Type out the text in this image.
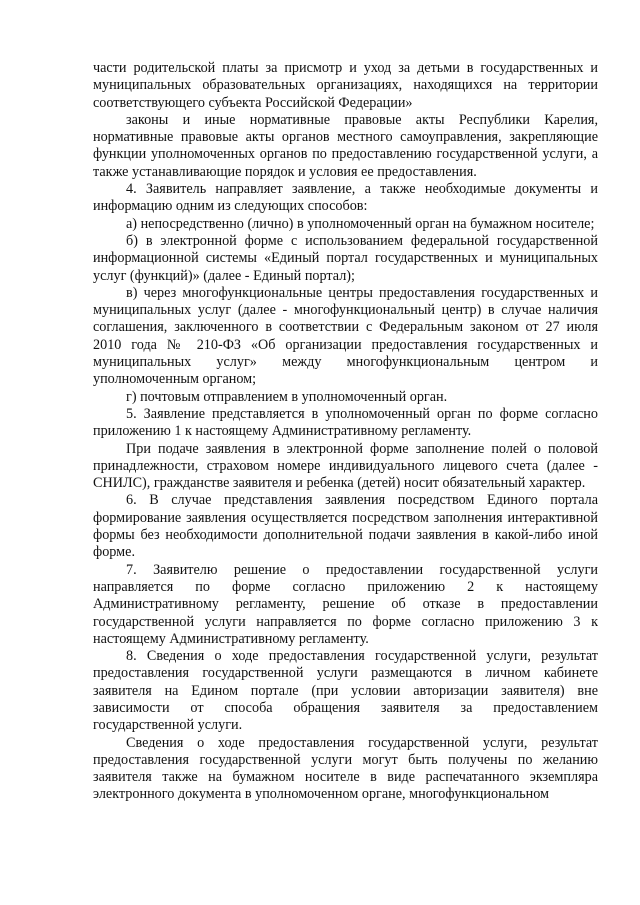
части родительской платы за присмотр и уход за детьми в государственных и муниципальных образовательных организациях, находящихся на территории соответствующего субъекта Российской Федерации»

законы и иные нормативные правовые акты Республики Карелия, нормативные правовые акты органов местного самоуправления, закрепляющие функции уполномоченных органов по предоставлению государственной услуги, а также устанавливающие порядок и условия ее предоставления.

4. Заявитель направляет заявление, а также необходимые документы и информацию одним из следующих способов:

а) непосредственно (лично) в уполномоченный орган на бумажном носителе;

б) в электронной форме с использованием федеральной государственной информационной системы «Единый портал государственных и муниципальных услуг (функций)» (далее - Единый портал);

в) через многофункциональные центры предоставления государственных и муниципальных услуг (далее - многофункциональный центр) в случае наличия соглашения, заключенного в соответствии с Федеральным законом от 27 июля 2010 года № 210-ФЗ «Об организации предоставления государственных и муниципальных услуг» между многофункциональным центром и уполномоченным органом;

г) почтовым отправлением в уполномоченный орган.

5. Заявление представляется в уполномоченный орган по форме согласно приложению 1 к настоящему Административному регламенту.

При подаче заявления в электронной форме заполнение полей о половой принадлежности, страховом номере индивидуального лицевого счета (далее - СНИЛС), гражданстве заявителя и ребенка (детей) носит обязательный характер.

6. В случае представления заявления посредством Единого портала формирование заявления осуществляется посредством заполнения интерактивной формы без необходимости дополнительной подачи заявления в какой-либо иной форме.

7. Заявителю решение о предоставлении государственной услуги направляется по форме согласно приложению 2 к настоящему Административному регламенту, решение об отказе в предоставлении государственной услуги направляется по форме согласно приложению 3 к настоящему Административному регламенту.

8. Сведения о ходе предоставления государственной услуги, результат предоставления государственной услуги размещаются в личном кабинете заявителя на Едином портале (при условии авторизации заявителя) вне зависимости от способа обращения заявителя за предоставлением государственной услуги.

Сведения о ходе предоставления государственной услуги, результат предоставления государственной услуги могут быть получены по желанию заявителя также на бумажном носителе в виде распечатанного экземпляра электронного документа в уполномоченном органе, многофункциональном
